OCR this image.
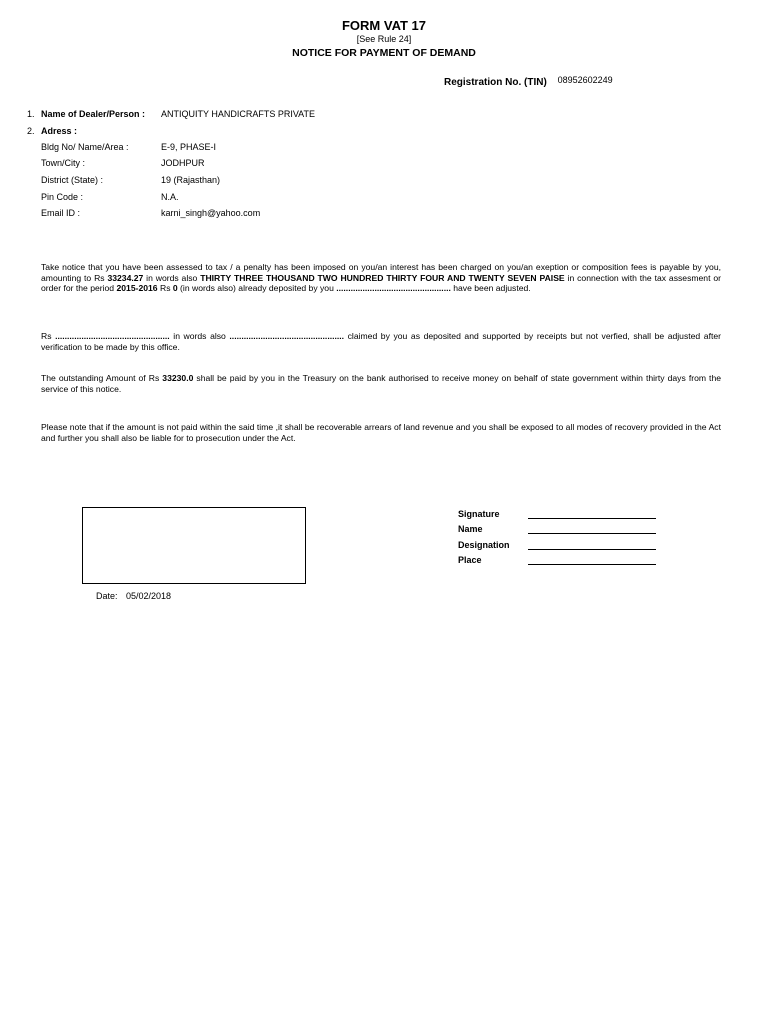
FORM VAT 17
[See Rule 24]
NOTICE FOR PAYMENT OF DEMAND
Registration No. (TIN) 08952602249
1. Name of Dealer/Person : ANTIQUITY HANDICRAFTS PRIVATE
2. Adress :
Bldg No/ Name/Area :	E-9, PHASE-I
Town/City :	JODHPUR
District (State) :	19 (Rajasthan)
Pin Code :	N.A.
Email ID :	karni_singh@yahoo.com
Take notice that you have been assessed to tax / a penalty has been imposed on you/an interest has been charged on you/an exeption or composition fees is payable by you, amounting to Rs 33234.27 in words also THIRTY THREE THOUSAND TWO HUNDRED THIRTY FOUR AND TWENTY SEVEN PAISE in connection with the tax assesment or order for the period 2015-2016 Rs 0 (in words also) already deposited by you ................................................ have been adjusted.
Rs ................................................ in words also ................................................ claimed by you as deposited and supported by receipts but not verfied, shall be adjusted after verification to be made by this office.
The outstanding Amount of Rs 33230.0 shall be paid by you in the Treasury on the bank authorised to receive money on behalf of state government within thirty days from the service of this notice.
Please note that if the amount is not paid within the said time ,it shall be recoverable arrears of land revenue and you shall be exposed to all modes of recovery provided in the Act and further you shall also be liable for to prosecution under the Act.
Signature
Name
Designation
Place
Date: 05/02/2018
